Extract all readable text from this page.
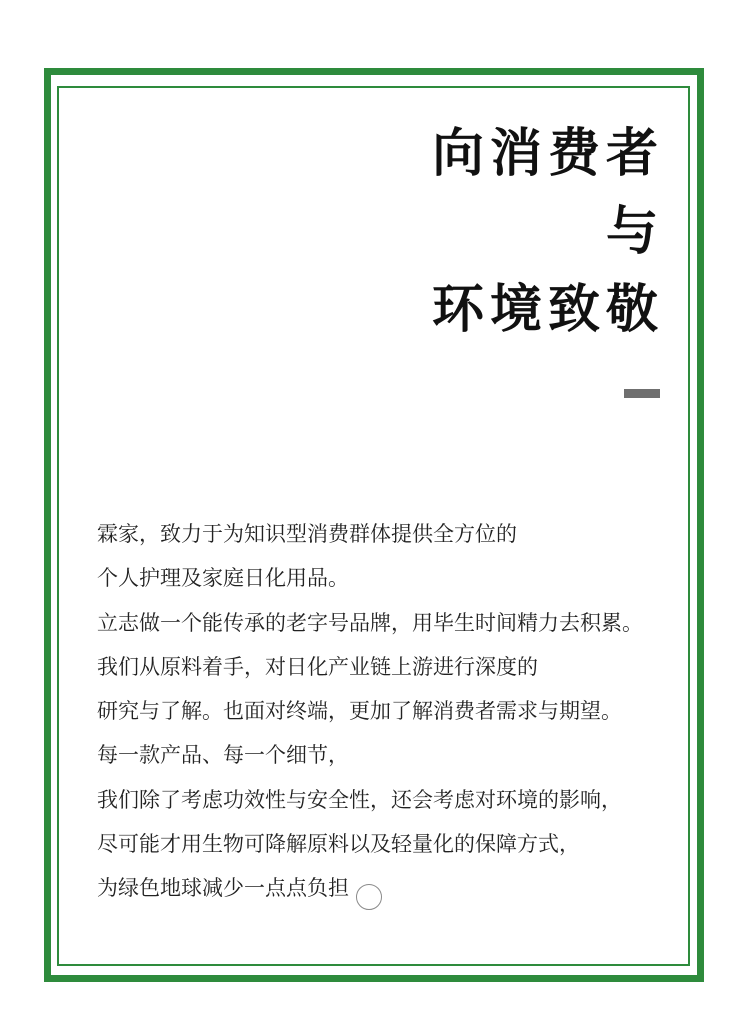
向消费者
与
环境致敬

霖家，致力于为知识型消费群体提供全方位的

个人护理及家庭日化用品。

立志做一个能传承的老字号品牌，用毕生时间精力去积累。

我们从原料着手，对日化产业链上游进行深度的

研究与了解。也面对终端，更加了解消费者需求与期望。

每一款产品、每一个细节，

我们除了考虑功效性与安全性，还会考虑对环境的影响，

尽可能才用生物可降解原料以及轻量化的保障方式，

为绿色地球减少一点点负担
